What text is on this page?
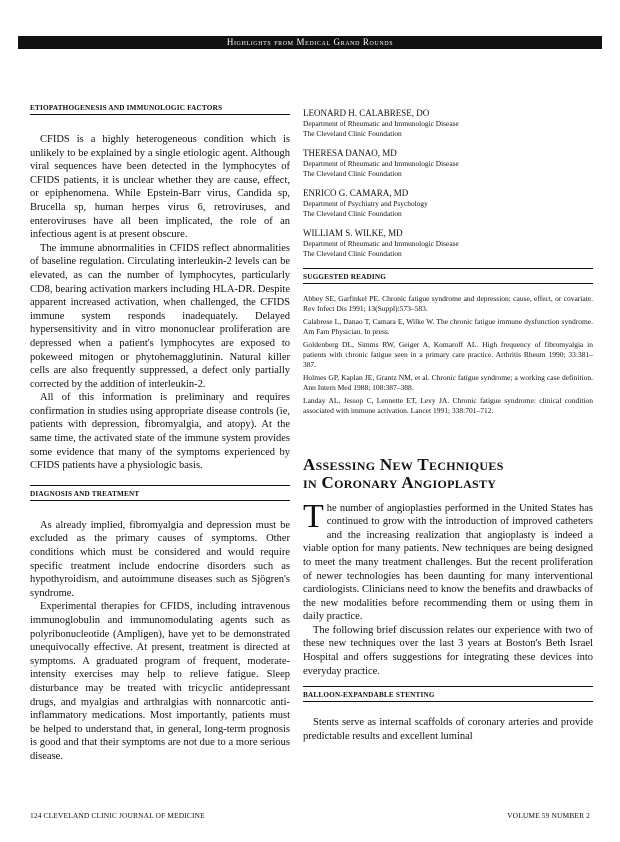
Highlights from Medical Grand Rounds
ETIOPATHOGENESIS AND IMMUNOLOGIC FACTORS

CFIDS is a highly heterogeneous condition which is unlikely to be explained by a single etiologic agent. Although viral sequences have been detected in the lymphocytes of CFIDS patients, it is unclear whether they are cause, effect, or epiphenomena. While Epstein-Barr virus, Candida sp, Brucella sp, human herpes virus 6, retroviruses, and enteroviruses have all been implicated, the role of an infectious agent is at present obscure.

The immune abnormalities in CFIDS reflect abnormalities of baseline regulation. Circulating interleukin-2 levels can be elevated, as can the number of lymphocytes, particularly CD8, bearing activation markers including HLA-DR. Despite apparent increased activation, when challenged, the CFIDS immune system responds inadequately. Delayed hypersensitivity and in vitro mononuclear proliferation are depressed when a patient's lymphocytes are exposed to pokeweed mitogen or phytohemagglutinin. Natural killer cells are also frequently suppressed, a defect only partially corrected by the addition of interleukin-2.

All of this information is preliminary and requires confirmation in studies using appropriate disease controls (ie, patients with depression, fibromyalgia, and atopy). At the same time, the activated state of the immune system provides some evidence that many of the symptoms experienced by CFIDS patients have a physiologic basis.

DIAGNOSIS AND TREATMENT

As already implied, fibromyalgia and depression must be excluded as the primary causes of symptoms. Other conditions which must be considered and would require specific treatment include endocrine disorders such as hypothyroidism, and autoimmune diseases such as Sjögren's syndrome.

Experimental therapies for CFIDS, including intravenous immunoglobulin and immunomodulating agents such as polyribonucleotide (Ampligen), have yet to be demonstrated unequivocally effective. At present, treatment is directed at symptoms. A graduated program of frequent, moderate-intensity exercises may help to relieve fatigue. Sleep disturbance may be treated with tricyclic antidepressant drugs, and myalgias and arthralgias with nonnarcotic anti-inflammatory medications. Most importantly, patients must be helped to understand that, in general, long-term prognosis is good and that their symptoms are not due to a more serious disease.

LEONARD H. CALABRESE, DO

Department of Rheumatic and Immunologic Disease

The Cleveland Clinic Foundation

THERESA DANAO, MD

Department of Rheumatic and Immunologic Disease

The Cleveland Clinic Foundation

ENRICO G. CAMARA, MD

Department of Psychiatry and Psychology

The Cleveland Clinic Foundation

WILLIAM S. WILKE, MD

Department of Rheumatic and Immunologic Disease

The Cleveland Clinic Foundation

SUGGESTED READING

Abbey SE, Garfinkel PE. Chronic fatigue syndrome and depression: cause, effect, or covariate. Rev Infect Dis 1991; 13(Suppl):573–583.

Calabrese L, Danao T, Camara E, Wilke W. The chronic fatigue immune dysfunction syndrome. Am Fam Physician. In press.

Goldenberg DL, Simms RW, Geiger A, Komaroff AL. High frequency of fibromyalgia in patients with chronic fatigue seen in a primary care practice. Arthritis Rheum 1990; 33:381–387.

Holmes GP, Kaplan JE, Grantz NM, et al. Chronic fatigue syndrome; a working case definition. Ann Intern Med 1988; 108:387–388.

Landay AL, Jessop C, Lennette ET, Levy JA. Chronic fatigue syndrome: clinical condition associated with immune activation. Lancet 1991; 338:701–712.

Assessing New Techniques

in Coronary Angioplasty

The number of angioplasties performed in the United States has continued to grow with the introduction of improved catheters and the increasing realization that angioplasty is indeed a viable option for many patients. New techniques are being designed to meet the many treatment challenges. But the recent proliferation of newer technologies has been daunting for many interventional cardiologists. Clinicians need to know the benefits and drawbacks of the new modalities before recommending them or using them in daily practice.

The following brief discussion relates our experience with two of these new techniques over the last 3 years at Boston's Beth Israel Hospital and offers suggestions for integrating these devices into everyday practice.

BALLOON-EXPANDABLE STENTING

Stents serve as internal scaffolds of coronary arteries and provide predictable results and excellent luminal

124 CLEVELAND CLINIC JOURNAL OF MEDICINE	VOLUME 59 NUMBER 2
